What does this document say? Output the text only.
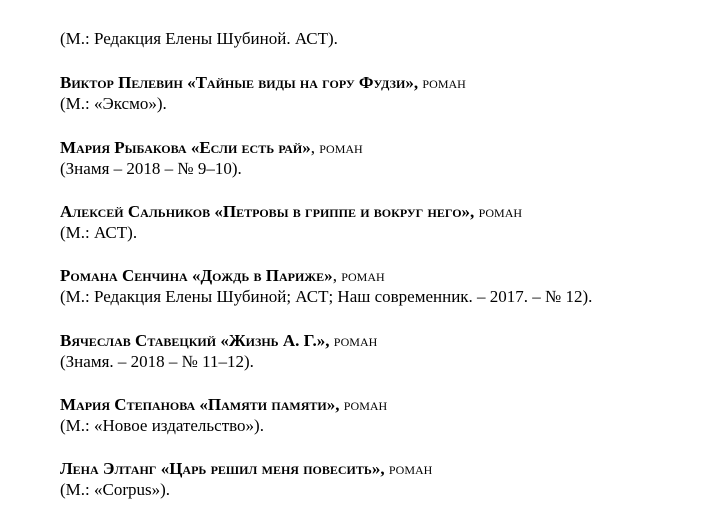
(М.: Редакция Елены Шубиной. АСТ).
Виктор Пелевин «Тайные виды на гору Фудзи», роман
(М.: «Эксмо»).
Мария Рыбакова «Если есть рай», роман
(Знамя – 2018 – № 9–10).
Алексей Сальников «Петровы в гриппе и вокруг него», роман
(М.: АСТ).
Романа Сенчина «Дождь в Париже», роман
(М.: Редакция Елены Шубиной; АСТ; Наш современник. – 2017. – № 12).
Вячеслав Ставецкий «Жизнь А. Г.», роман
(Знамя. – 2018 – № 11–12).
Мария Степанова «Памяти памяти», роман
(М.: «Новое издательство»).
Лена Элтанг «Царь решил меня повесить», роман
(М.: «Corpus»).
